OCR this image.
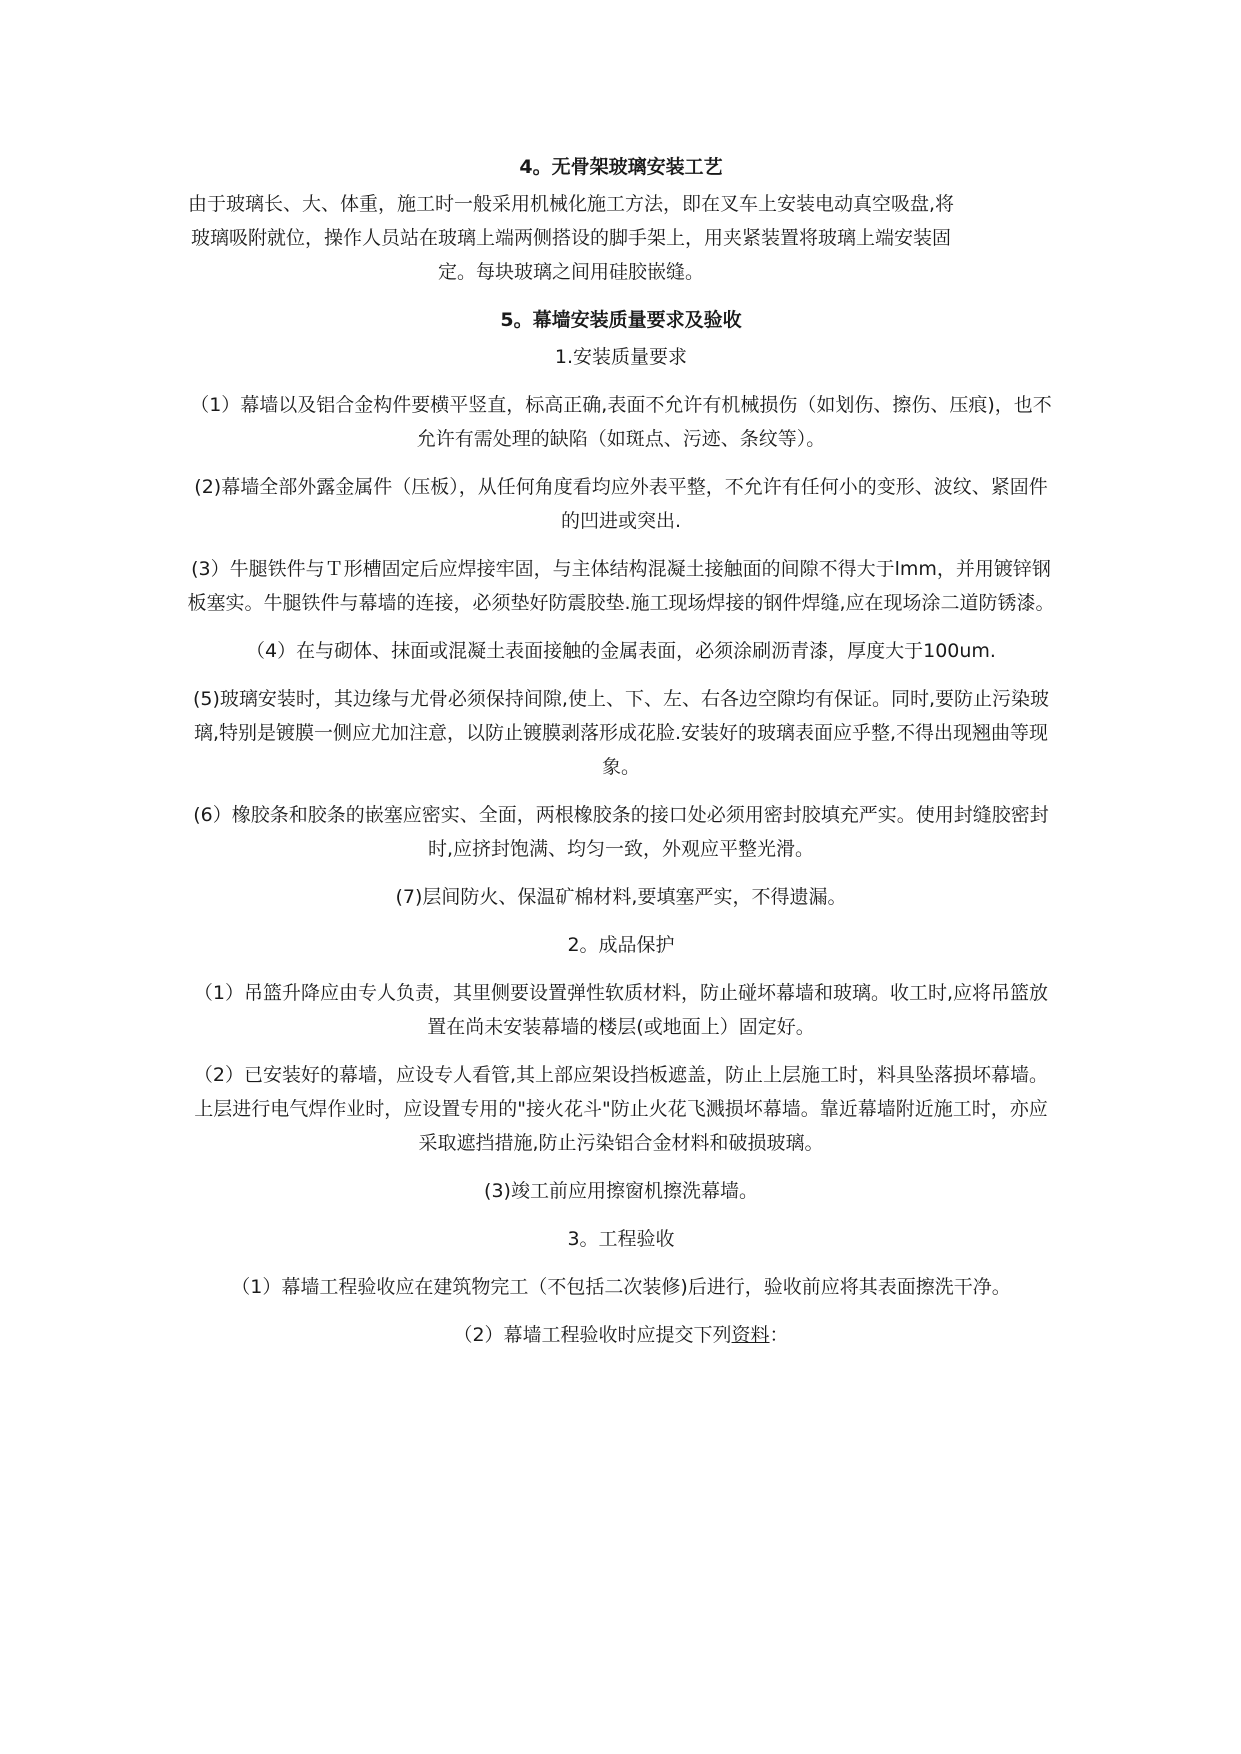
4。无骨架玻璃安装工艺
由于玻璃长、大、体重，施工时一般采用机械化施工方法，即在叉车上安装电动真空吸盘,将玻璃吸附就位，操作人员站在玻璃上端两侧搭设的脚手架上，用夹紧装置将玻璃上端安装固定。每块玻璃之间用硅胶嵌缝。
5。幕墙安装质量要求及验收
1.安装质量要求
（1）幕墙以及铝合金构件要横平竖直，标高正确,表面不允许有机械损伤（如划伤、擦伤、压痕)，也不允许有需处理的缺陷（如斑点、污迹、条纹等）。
(2)幕墙全部外露金属件（压板），从任何角度看均应外表平整，不允许有任何小的变形、波纹、紧固件的凹进或突出.
(3）牛腿铁件与Ｔ形槽固定后应焊接牢固，与主体结构混凝土接触面的间隙不得大于lmm，并用镀锌钢板塞实。牛腿铁件与幕墙的连接，必须垫好防震胶垫.施工现场焊接的钢件焊缝,应在现场涂二道防锈漆。
（4）在与砌体、抹面或混凝土表面接触的金属表面，必须涂刷沥青漆，厚度大于100um.
(5)玻璃安装时，其边缘与尤骨必须保持间隙,使上、下、左、右各边空隙均有保证。同时,要防止污染玻璃,特别是镀膜一侧应尤加注意，以防止镀膜剥落形成花脸.安装好的玻璃表面应乎整,不得出现翘曲等现象。
(6）橡胶条和胶条的嵌塞应密实、全面，两根橡胶条的接口处必须用密封胶填充严实。使用封缝胶密封时,应挤封饱满、均匀一致，外观应平整光滑。
(7)层间防火、保温矿棉材料,要填塞严实，不得遗漏。
2。成品保护
（1）吊篮升降应由专人负责，其里侧要设置弹性软质材料，防止碰坏幕墙和玻璃。收工时,应将吊篮放置在尚未安装幕墙的楼层(或地面上）固定好。
（2）已安装好的幕墙，应设专人看管,其上部应架设挡板遮盖，防止上层施工时，料具坠落损坏幕墙。上层进行电气焊作业时，应设置专用的"接火花斗"防止火花飞溅损坏幕墙。靠近幕墙附近施工时，亦应采取遮挡措施,防止污染铝合金材料和破损玻璃。
(3)竣工前应用擦窗机擦洗幕墙。
3。工程验收
（1）幕墙工程验收应在建筑物完工（不包括二次装修)后进行，验收前应将其表面擦洗干净。
（2）幕墙工程验收时应提交下列资料：
